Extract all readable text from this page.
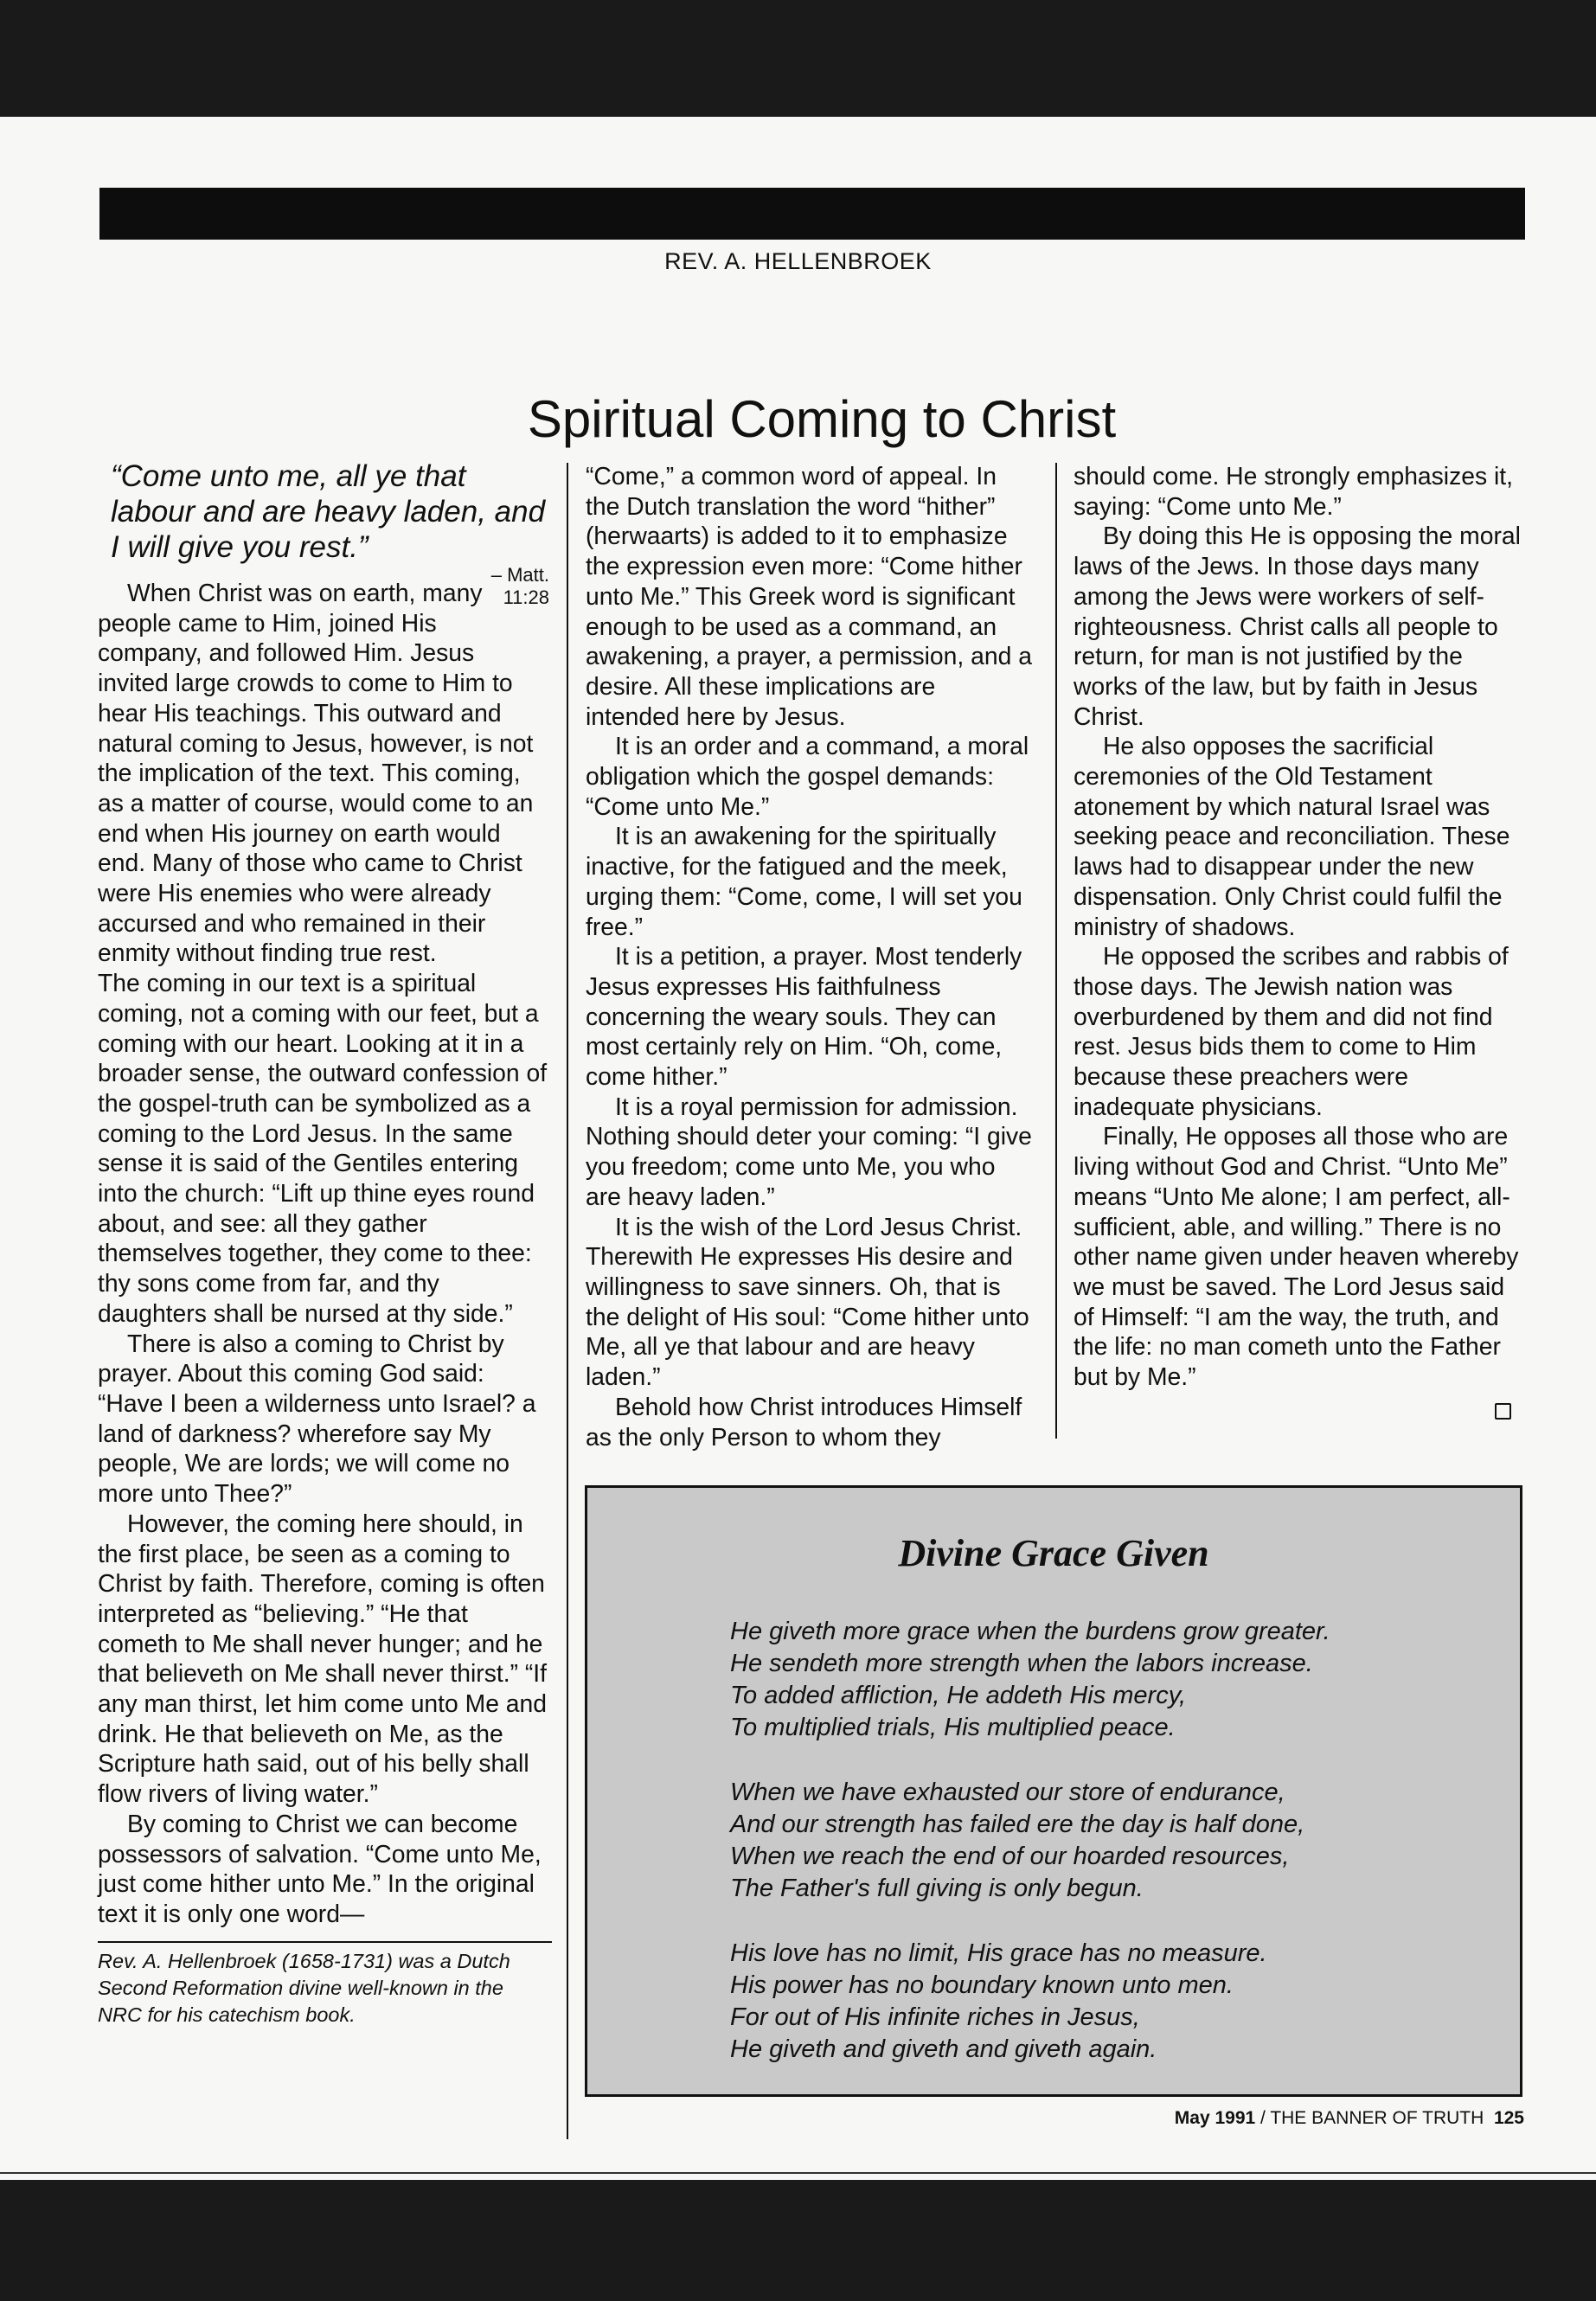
REV. A. HELLENBROEK
Spiritual Coming to Christ

“Come unto me, all ye that labour and are heavy laden, and I will give you rest.”

– Matt. 11:28

When Christ was on earth, many people came to Him, joined His company, and followed Him. Jesus invited large crowds to come to Him to hear His teachings. This outward and natural coming to Jesus, however, is not the implication of the text. This coming, as a matter of course, would come to an end when His journey on earth would end. Many of those who came to Christ were His enemies who were already accursed and who remained in their enmity without finding true rest.

The coming in our text is a spiritual coming, not a coming with our feet, but a coming with our heart. Looking at it in a broader sense, the outward confession of the gospel-truth can be symbolized as a coming to the Lord Jesus. In the same sense it is said of the Gentiles entering into the church: “Lift up thine eyes round about, and see: all they gather themselves together, they come to thee: thy sons come from far, and thy daughters shall be nursed at thy side.”

There is also a coming to Christ by prayer. About this coming God said: “Have I been a wilderness unto Israel? a land of darkness? wherefore say My people, We are lords; we will come no more unto Thee?”

However, the coming here should, in the first place, be seen as a coming to Christ by faith. Therefore, coming is often interpreted as “believing.” “He that cometh to Me shall never hunger; and he that believeth on Me shall never thirst.” “If any man thirst, let him come unto Me and drink. He that believeth on Me, as the Scripture hath said, out of his belly shall flow rivers of living water.”

By coming to Christ we can become possessors of salvation. “Come unto Me, just come hither unto Me.” In the original text it is only one word—

“Come,” a common word of appeal. In the Dutch translation the word “hither” (herwaarts) is added to it to emphasize the expression even more: “Come hither unto Me.” This Greek word is significant enough to be used as a command, an awakening, a prayer, a permission, and a desire. All these implications are intended here by Jesus.

It is an order and a command, a moral obligation which the gospel demands: “Come unto Me.”

It is an awakening for the spiritually inactive, for the fatigued and the meek, urging them: “Come, come, I will set you free.”

It is a petition, a prayer. Most tenderly Jesus expresses His faithfulness concerning the weary souls. They can most certainly rely on Him. “Oh, come, come hither.”

It is a royal permission for admission. Nothing should deter your coming: “I give you freedom; come unto Me, you who are heavy laden.”

It is the wish of the Lord Jesus Christ. Therewith He expresses His desire and willingness to save sinners. Oh, that is the delight of His soul: “Come hither unto Me, all ye that labour and are heavy laden.”

Behold how Christ introduces Himself as the only Person to whom they

should come. He strongly emphasizes it, saying: “Come unto Me.”

By doing this He is opposing the moral laws of the Jews. In those days many among the Jews were workers of self-righteousness. Christ calls all people to return, for man is not justified by the works of the law, but by faith in Jesus Christ.

He also opposes the sacrificial ceremonies of the Old Testament atonement by which natural Israel was seeking peace and reconciliation. These laws had to disappear under the new dispensation. Only Christ could fulfil the ministry of shadows.

He opposed the scribes and rabbis of those days. The Jewish nation was overburdened by them and did not find rest. Jesus bids them to come to Him because these preachers were inadequate physicians.

Finally, He opposes all those who are living without God and Christ. “Unto Me” means “Unto Me alone; I am perfect, all-sufficient, able, and willing.” There is no other name given under heaven whereby we must be saved. The Lord Jesus said of Himself: “I am the way, the truth, and the life: no man cometh unto the Father but by Me.”

Divine Grace Given

He giveth more grace when the burdens grow greater.
He sendeth more strength when the labors increase.
To added affliction, He addeth His mercy,
To multiplied trials, His multiplied peace.

When we have exhausted our store of endurance,
And our strength has failed ere the day is half done,
When we reach the end of our hoarded resources,
The Father's full giving is only begun.

His love has no limit, His grace has no measure.
His power has no boundary known unto men.
For out of His infinite riches in Jesus,
He giveth and giveth and giveth again.

May 1991 / THE BANNER OF TRUTH 125

Rev. A. Hellenbroek (1658-1731) was a Dutch Second Reformation divine well-known in the NRC for his catechism book.
